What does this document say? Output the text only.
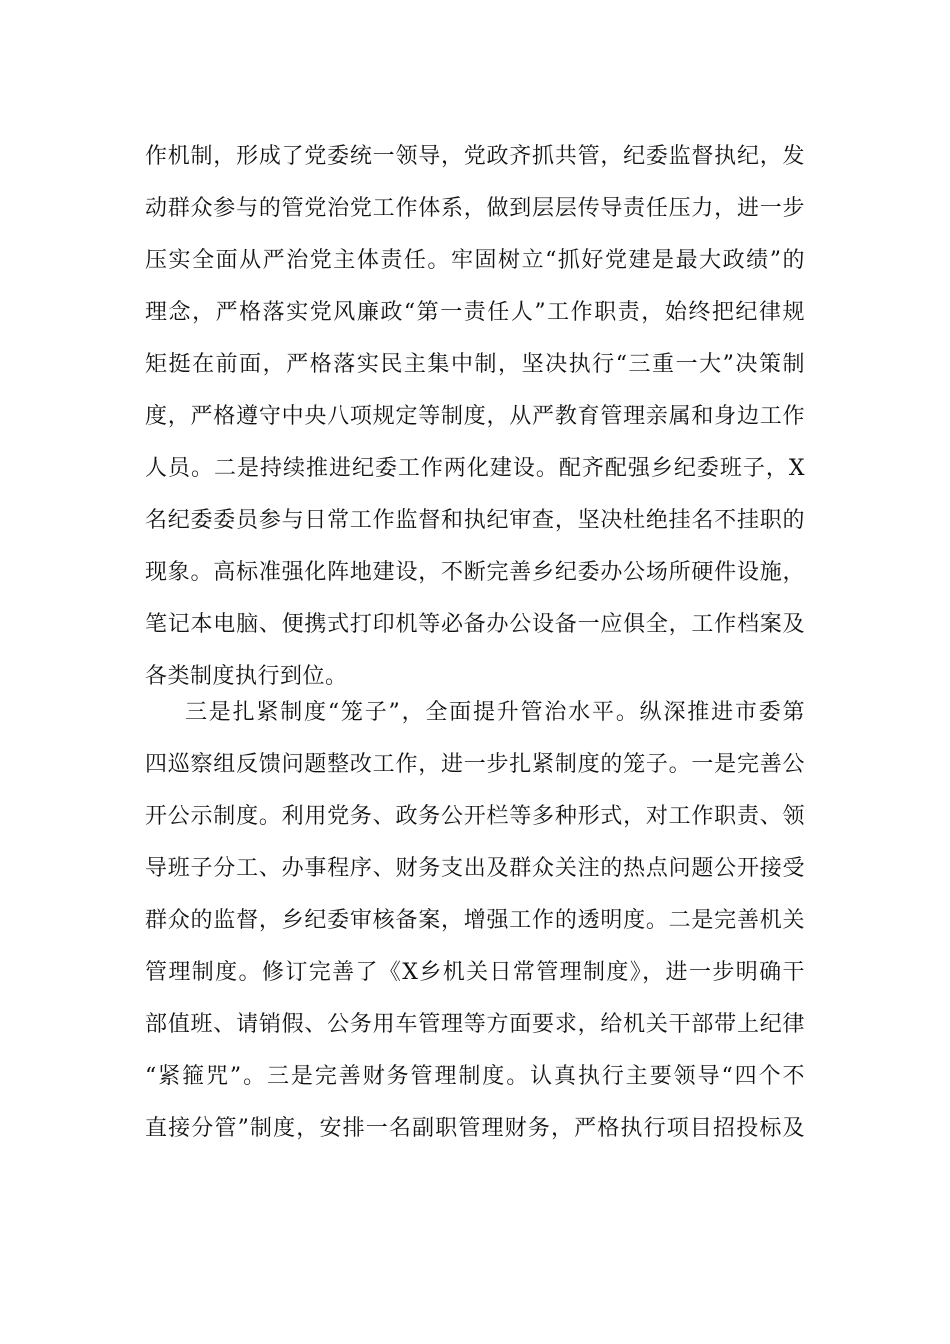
作机制，形成了党委统一领导，党政齐抓共管，纪委监督执纪，发
动群众参与的管党治党工作体系，做到层层传导责任压力，进一步
压实全面从严治党主体责任。牢固树立“抓好党建是最大政绩”的
理念，严格落实党风廉政“第一责任人”工作职责，始终把纪律规
矩挺在前面，严格落实民主集中制，坚决执行“三重一大”决策制
度，严格遵守中央八项规定等制度，从严教育管理亲属和身边工作
人员。二是持续推进纪委工作两化建设。配齐配强乡纪委班子，X
名纪委委员参与日常工作监督和执纪审查，坚决杜绝挂名不挂职的
现象。高标准强化阵地建设，不断完善乡纪委办公场所硬件设施，
笔记本电脑、便携式打印机等必备办公设备一应俱全，工作档案及
各类制度执行到位。
三是扎紧制度“笼子”，全面提升管治水平。纵深推进市委第
四巡察组反馈问题整改工作，进一步扎紧制度的笼子。一是完善公
开公示制度。利用党务、政务公开栏等多种形式，对工作职责、领
导班子分工、办事程序、财务支出及群众关注的热点问题公开接受
群众的监督，乡纪委审核备案，增强工作的透明度。二是完善机关
管理制度。修订完善了《X乡机关日常管理制度》，进一步明确干
部值班、请销假、公务用车管理等方面要求，给机关干部带上纪律
“紧箍咒”。三是完善财务管理制度。认真执行主要领导“四个不
直接分管”制度，安排一名副职管理财务，严格执行项目招投标及
